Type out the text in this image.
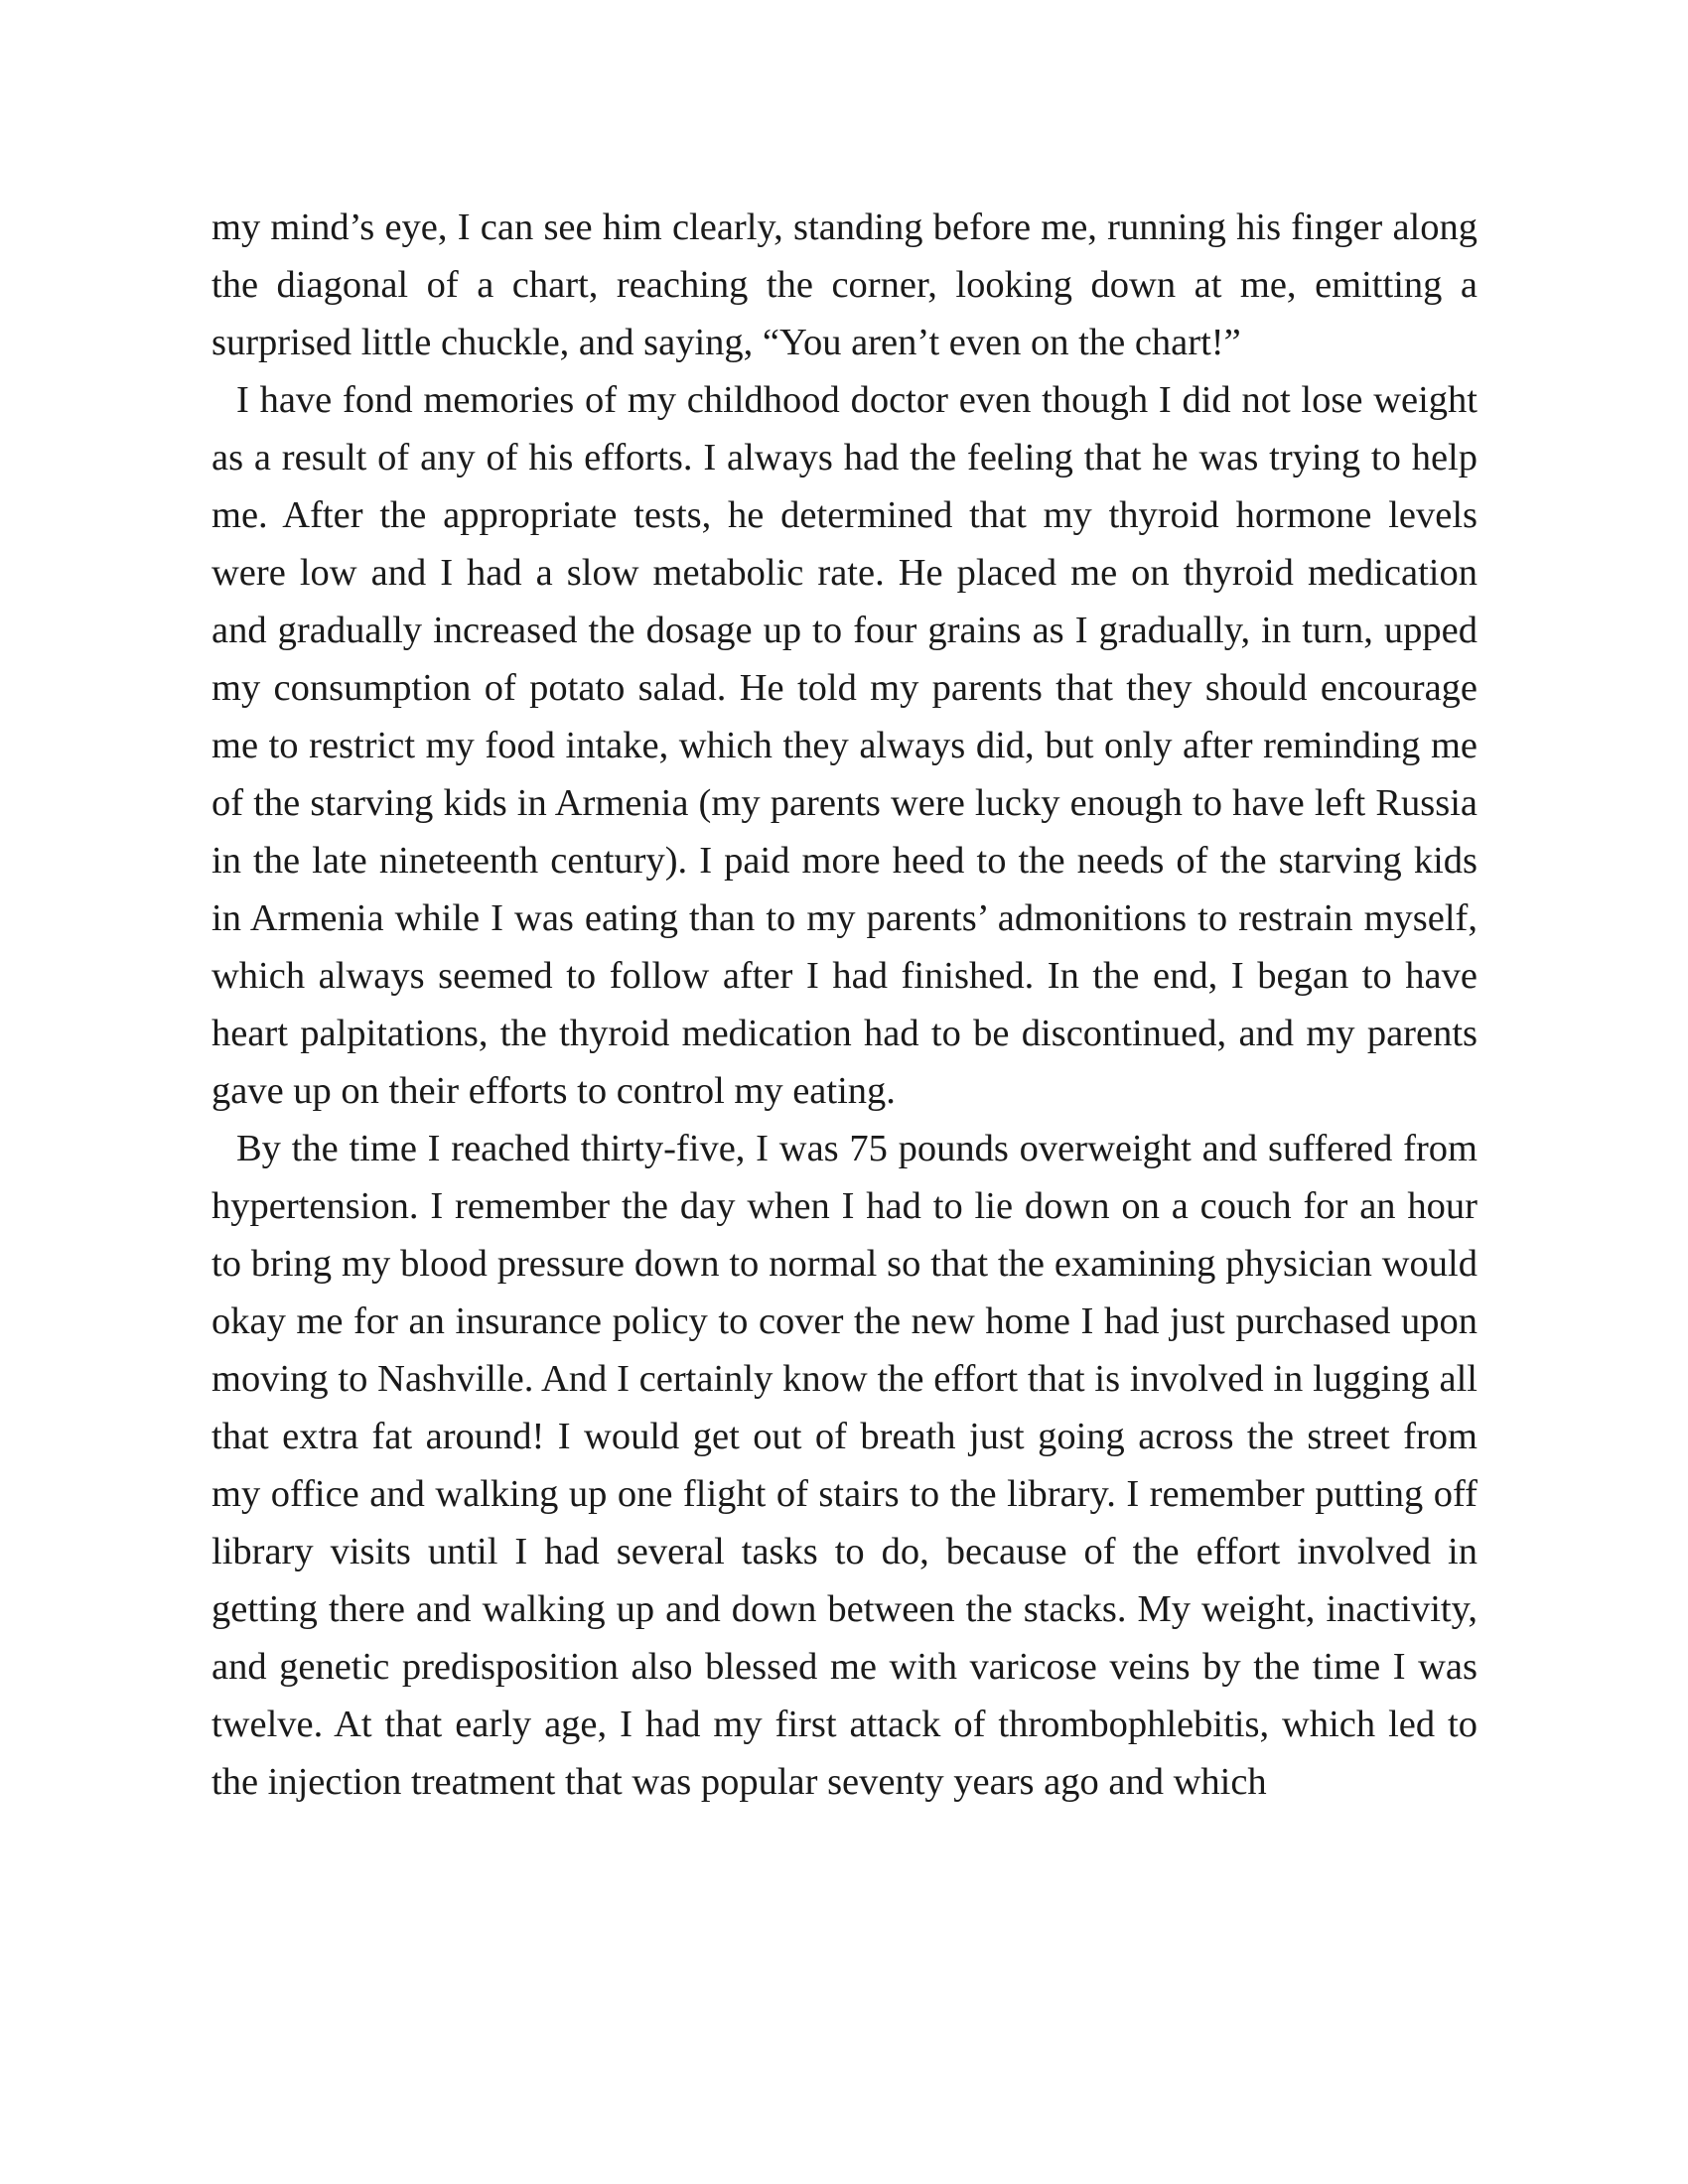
my mind’s eye, I can see him clearly, standing before me, running his finger along the diagonal of a chart, reaching the corner, looking down at me, emitting a surprised little chuckle, and saying, “You aren’t even on the chart!”

I have fond memories of my childhood doctor even though I did not lose weight as a result of any of his efforts. I always had the feeling that he was trying to help me. After the appropriate tests, he determined that my thyroid hormone levels were low and I had a slow metabolic rate. He placed me on thyroid medication and gradually increased the dosage up to four grains as I gradually, in turn, upped my consumption of potato salad. He told my parents that they should encourage me to restrict my food intake, which they always did, but only after reminding me of the starving kids in Armenia (my parents were lucky enough to have left Russia in the late nineteenth century). I paid more heed to the needs of the starving kids in Armenia while I was eating than to my parents’ admonitions to restrain myself, which always seemed to follow after I had finished. In the end, I began to have heart palpitations, the thyroid medication had to be discontinued, and my parents gave up on their efforts to control my eating.

By the time I reached thirty-five, I was 75 pounds overweight and suffered from hypertension. I remember the day when I had to lie down on a couch for an hour to bring my blood pressure down to normal so that the examining physician would okay me for an insurance policy to cover the new home I had just purchased upon moving to Nashville. And I certainly know the effort that is involved in lugging all that extra fat around! I would get out of breath just going across the street from my office and walking up one flight of stairs to the library. I remember putting off library visits until I had several tasks to do, because of the effort involved in getting there and walking up and down between the stacks. My weight, inactivity, and genetic predisposition also blessed me with varicose veins by the time I was twelve. At that early age, I had my first attack of thrombophlebitis, which led to the injection treatment that was popular seventy years ago and which
